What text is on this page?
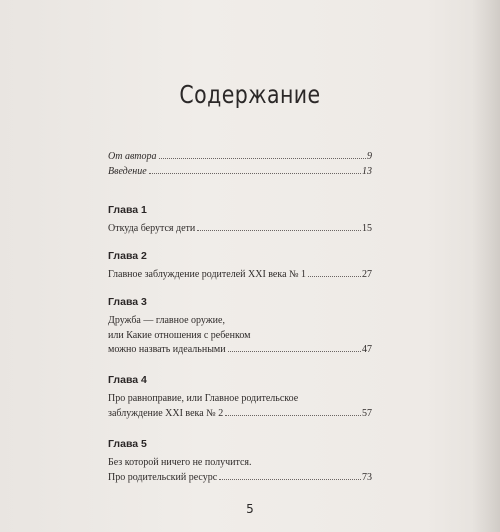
Содержание
От автора	9
Введение	13
Глава 1
Откуда берутся дети	15
Глава 2
Главное заблуждение родителей XXI века № 1	27
Глава 3
Дружба — главное оружие,
или Какие отношения с ребенком
можно назвать идеальными	47
Глава 4
Про равноправие, или Главное родительское
заблуждение XXI века № 2	57
Глава 5
Без которой ничего не получится.
Про родительский ресурс	73
5
